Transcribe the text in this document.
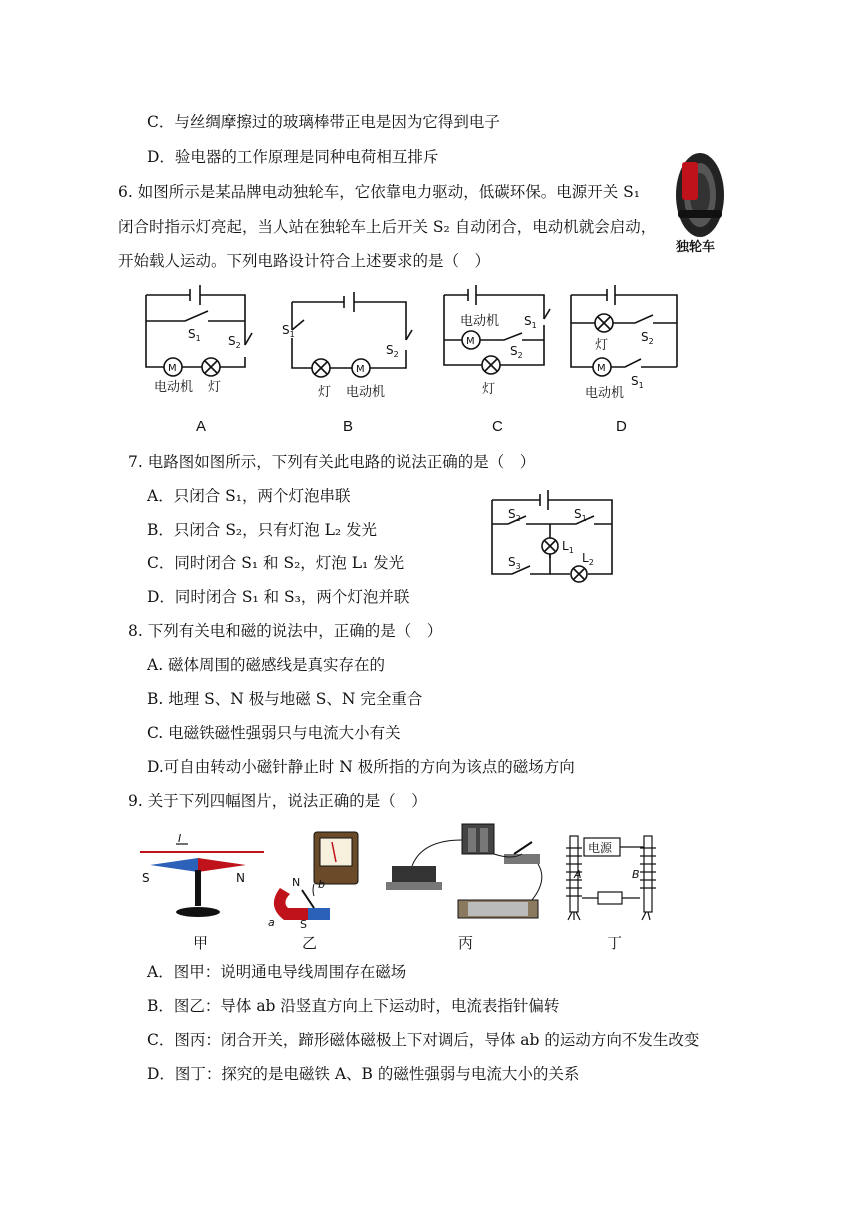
C．与丝绸摩擦过的玻璃棒带正电是因为它得到电子
D．验电器的工作原理是同种电荷相互排斥
6. 如图所示是某品牌电动独轮车，它依靠电力驱动，低碳环保。电源开关 S₁
闭合时指示灯亮起，当人站在独轮车上后开关 S₂ 自动闭合，电动机就会启动，
开始载人运动。下列电路设计符合上述要求的是（　）
独轮车
M
$S_1$ $S_2$
电动机 灯
A
M
$S_1$
$S_2$
灯 电动机
B
M
电动机 $S_1$
$S_2$
灯
C
M
灯
$S_2$
$S_1$
电动机
D
7. 电路图如图所示，下列有关此电路的说法正确的是（　）
A．只闭合 S₁，两个灯泡串联
B．只闭合 S₂，只有灯泡 L₂ 发光
C．同时闭合 S₁ 和 S₂，灯泡 L₁ 发光
D．同时闭合 S₁ 和 S₃，两个灯泡并联
$S_2$	$S_1$
$S_3$
$L_1$
$L_2$
8. 下列有关电和磁的说法中，正确的是（　）
A. 磁体周围的磁感线是真实存在的
B. 地理 S、N 极与地磁 S、N 完全重合
C. 电磁铁磁性强弱只与电流大小有关
D.可自由转动小磁针静止时 N 极所指的方向为该点的磁场方向
9. 关于下列四幅图片，说法正确的是（　）
I
S	N
甲
N b
a S
乙	丙
电源
A	B
丁
A．图甲：说明通电导线周围存在磁场
B．图乙：导体 ab 沿竖直方向上下运动时，电流表指针偏转
C．图丙：闭合开关，蹄形磁体磁极上下对调后，导体 ab 的运动方向不发生改变
D．图丁：探究的是电磁铁 A、B 的磁性强弱与电流大小的关系
